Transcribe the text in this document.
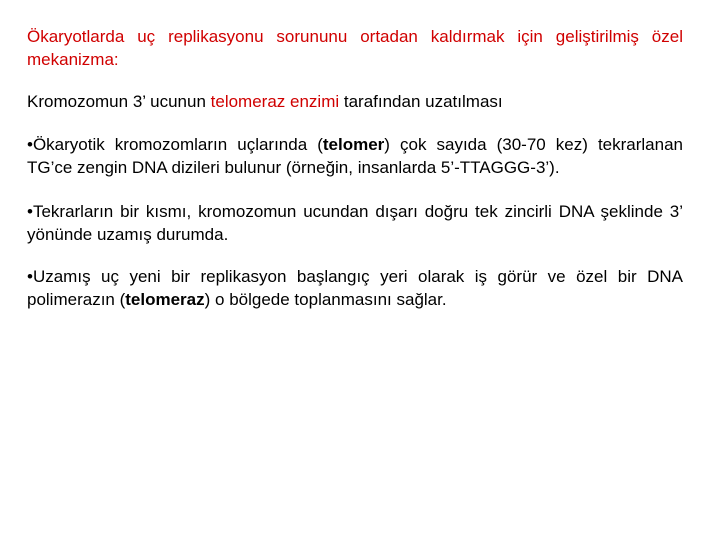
Ökaryotlarda uç replikasyonu sorununu ortadan kaldırmak için geliştirilmiş özel mekanizma:

Kromozomun 3’ ucunun telomeraz enzimi tarafından uzatılması

•Ökaryotik kromozomların uçlarında (telomer) çok sayıda (30-70 kez) tekrarlanan TG’ce zengin DNA dizileri bulunur (örneğin, insanlarda 5’-TTAGGG-3’).

•Tekrarların bir kısmı, kromozomun ucundan dışarı doğru tek zincirli DNA şeklinde 3’ yönünde uzamış durumda.

•Uzamış uç yeni bir replikasyon başlangıç yeri olarak iş görür ve özel bir DNA polimerazın (telomeraz) o bölgede toplanmasını sağlar.
